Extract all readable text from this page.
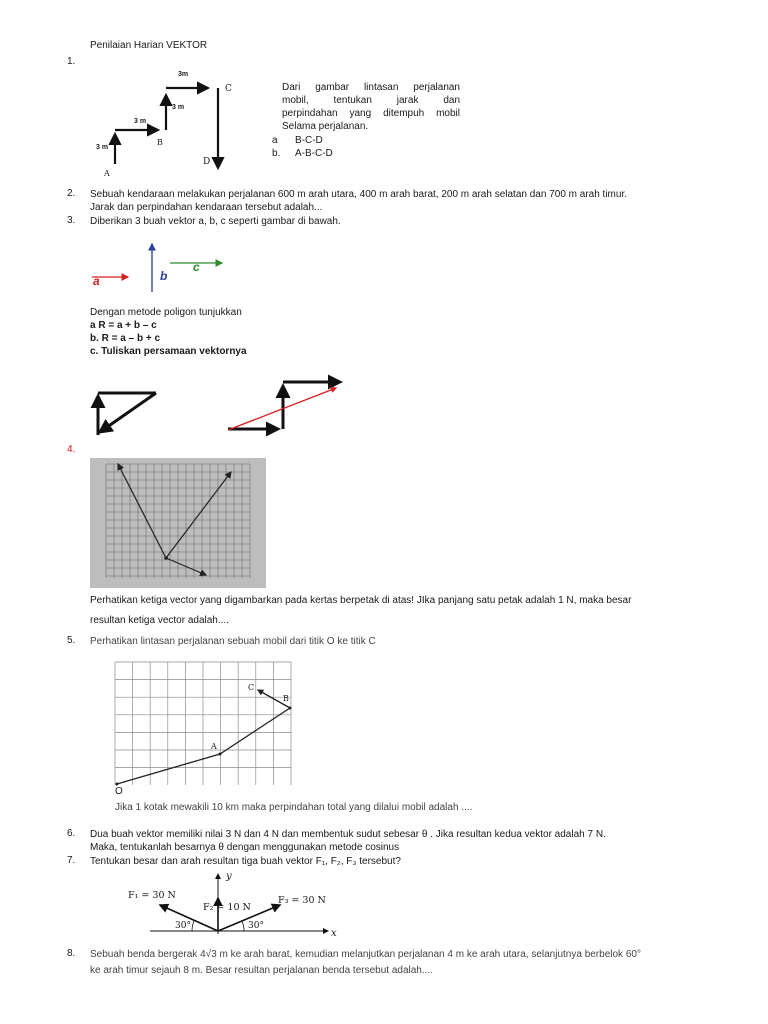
Penilaian Harian VEKTOR
1.
3m
3 m
3 m
3 m
A
B
C
D
Dari gambar lintasan perjalanan
mobil, tentukan jarak dan
perpindahan yang ditempuh mobil
Selama perjalanan.
a B-C-D
b. A-B-C-D
2. Sebuah kendaraan melakukan perjalanan 600 m arah utara, 400 m arah barat, 200 m arah selatan dan 700 m arah timur.
Jarak dan perpindahan kendaraan tersebut adalah...
3. Diberikan 3 buah vektor a, b, c seperti gambar di bawah.
a	b
c
Dengan metode poligon tunjukkan
a R = a + b – c
b. R = a – b + c
c. Tuliskan persamaan vektornya
4.
Perhatikan ketiga vector yang digambarkan pada kertas berpetak di atas! JIka panjang satu petak adalah 1 N, maka besar
resultan ketiga vector adalah....
5. Perhatikan lintasan perjalanan sebuah mobil dari titik O ke titik C
O
A
B
C
Jika 1 kotak mewakili 10 km maka perpindahan total yang dilalui mobil adalah ....
6. Dua buah vektor memiliki nilai 3 N dan 4 N dan membentuk sudut sebesar θ . Jika resultan kedua vektor adalah 7 N.
Maka, tentukanlah besarnya θ dengan menggunakan metode cosinus
7. Tentukan besar dan arah resultan tiga buah vektor F₁, F₂, F₃ tersebut?
y
x
F₁ = 30 N
F₂ = 10 N
F₃ = 30 N
30°	30°
8. Sebuah benda bergerak 4√3 m ke arah barat, kemudian melanjutkan perjalanan 4 m ke arah utara, selanjutnya berbelok 60°
ke arah timur sejauh 8 m. Besar resultan perjalanan benda tersebut adalah....
